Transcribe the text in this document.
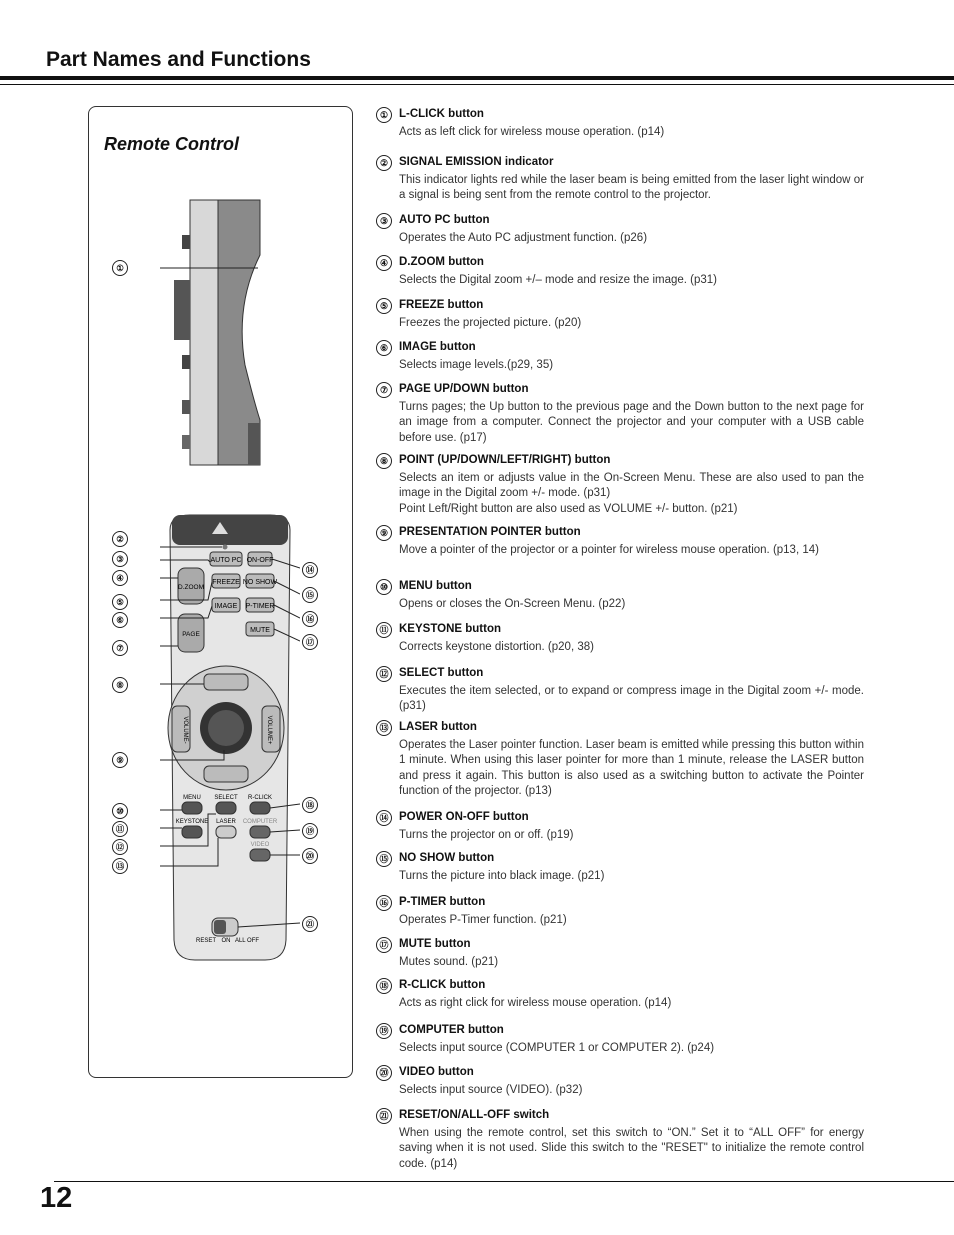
Part Names and Functions
Remote Control
①
AUTO PC ON-OFF
D.ZOOM
FREEZE NO SHOW
IMAGE P-TIMER
PAGE
MUTE
VOLUME-	VOLUME+
MENU SELECT R-CLICK
KEYSTONE LASER COMPUTER
VIDEO
RESET ON ALL OFF
②
③
④
⑤
⑥
⑦
⑧
⑨
⑩
⑪
⑫
⑬
⑭
⑮
⑯
⑰
⑱
⑲
⑳
㉑
① L-CLICK button
Acts as left click for wireless mouse operation. (p14)
② SIGNAL EMISSION indicator
This indicator lights red while the laser beam is being emitted from the laser light window or a signal is being sent from the remote control to the projector.
③ AUTO PC button
Operates the Auto PC adjustment function. (p26)
④ D.ZOOM button
Selects the Digital zoom +/– mode and resize the image. (p31)
⑤ FREEZE button
Freezes the projected picture. (p20)
⑥ IMAGE button
Selects image levels.(p29, 35)
⑦ PAGE UP/DOWN button
Turns pages; the Up button to the previous page and the Down button to the next page for an image from a computer. Connect the projector and your computer with a USB cable before use. (p17)
⑧ POINT (UP/DOWN/LEFT/RIGHT) button
Selects an item or adjusts value in the On-Screen Menu. These are also used to pan the image in the Digital zoom +/- mode. (p31)
Point Left/Right button are also used as VOLUME +/- button. (p21)
⑨ PRESENTATION POINTER button
Move a pointer of the projector or a pointer for wireless mouse operation. (p13, 14)
⑩ MENU button
Opens or closes the On-Screen Menu. (p22)
⑪ KEYSTONE button
Corrects keystone distortion. (p20, 38)
⑫ SELECT button
Executes the item selected, or to expand or compress image in the Digital zoom +/- mode. (p31)
⑬ LASER button
Operates the Laser pointer function. Laser beam is emitted while pressing this button within 1 minute. When using this laser pointer for more than 1 minute, release the LASER button and press it again. This button is also used as a switching button to activate the Pointer function of the projector. (p13)
⑭ POWER ON-OFF button
Turns the projector on or off. (p19)
⑮ NO SHOW button
Turns the picture into black image. (p21)
⑯ P-TIMER button
Operates P-Timer function. (p21)
⑰ MUTE button
Mutes sound. (p21)
⑱ R-CLICK button
Acts as right click for wireless mouse operation. (p14)
⑲ COMPUTER button
Selects input source (COMPUTER 1 or COMPUTER 2). (p24)
⑳ VIDEO button
Selects input source (VIDEO). (p32)
㉑ RESET/ON/ALL-OFF switch
When using the remote control, set this switch to “ON.” Set it to “ALL OFF” for energy saving when it is not used. Slide this switch to the "RESET" to initialize the remote control code. (p14)
12
